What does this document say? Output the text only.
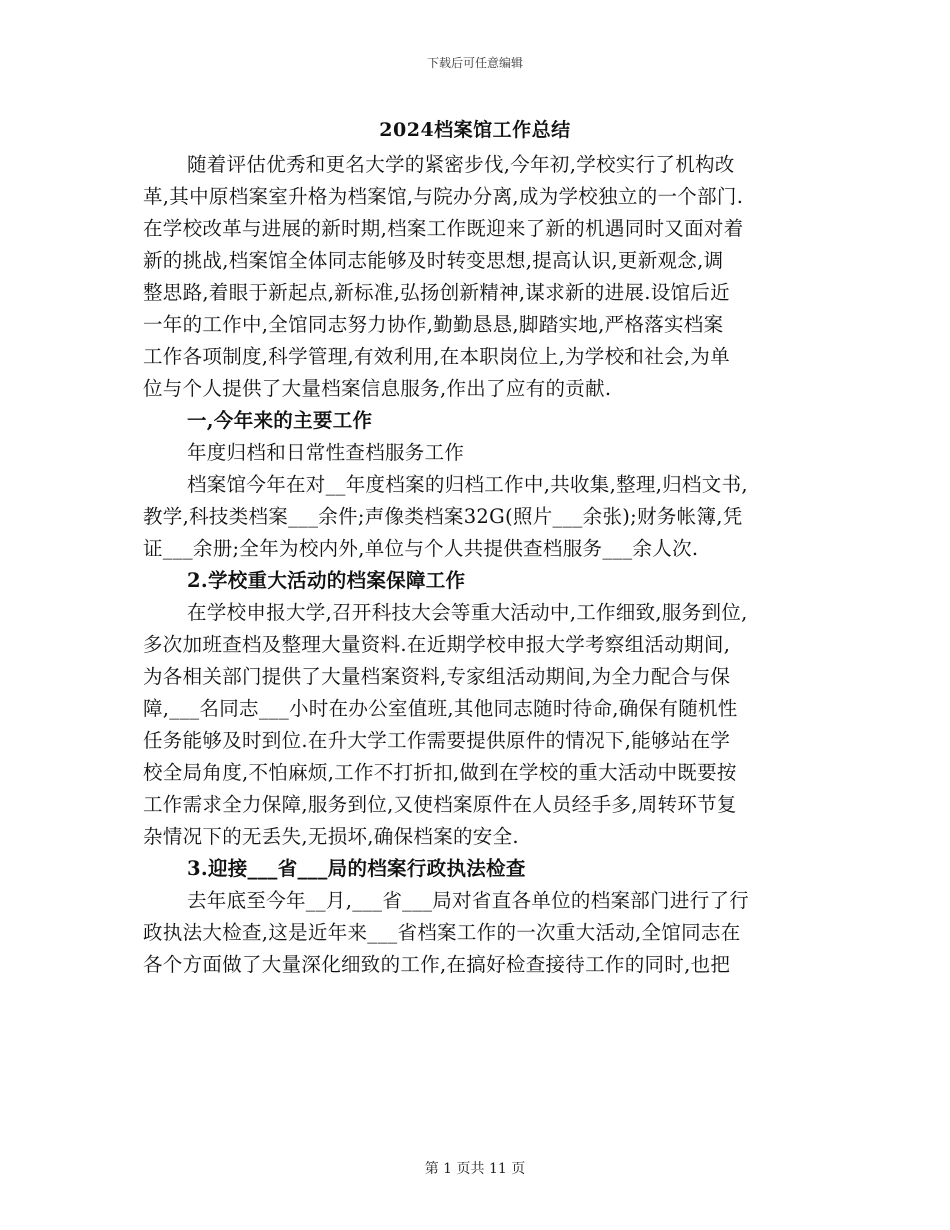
下载后可任意编辑
2024档案馆工作总结
随着评估优秀和更名大学的紧密步伐,今年初,学校实行了机构改
革,其中原档案室升格为档案馆,与院办分离,成为学校独立的一个部门.
在学校改革与进展的新时期,档案工作既迎来了新的机遇同时又面对着
新的挑战,档案馆全体同志能够及时转变思想,提高认识,更新观念,调
整思路,着眼于新起点,新标准,弘扬创新精神,谋求新的进展.设馆后近
一年的工作中,全馆同志努力协作,勤勤恳恳,脚踏实地,严格落实档案
工作各项制度,科学管理,有效利用,在本职岗位上,为学校和社会,为单
位与个人提供了大量档案信息服务,作出了应有的贡献.
一,今年来的主要工作
年度归档和日常性查档服务工作
档案馆今年在对__年度档案的归档工作中,共收集,整理,归档文书,
教学,科技类档案___余件;声像类档案32G(照片___余张);财务帐簿,凭
证___余册;全年为校内外,单位与个人共提供查档服务___余人次.
2.学校重大活动的档案保障工作
在学校申报大学,召开科技大会等重大活动中,工作细致,服务到位,
多次加班查档及整理大量资料.在近期学校申报大学考察组活动期间,
为各相关部门提供了大量档案资料,专家组活动期间,为全力配合与保
障,___名同志___小时在办公室值班,其他同志随时待命,确保有随机性
任务能够及时到位.在升大学工作需要提供原件的情况下,能够站在学
校全局角度,不怕麻烦,工作不打折扣,做到在学校的重大活动中既要按
工作需求全力保障,服务到位,又使档案原件在人员经手多,周转环节复
杂情况下的无丢失,无损坏,确保档案的安全.
3.迎接___省___局的档案行政执法检查
去年底至今年__月,___省___局对省直各单位的档案部门进行了行
政执法大检查,这是近年来___省档案工作的一次重大活动,全馆同志在
各个方面做了大量深化细致的工作,在搞好检查接待工作的同时,也把
第 1 页共 11 页
